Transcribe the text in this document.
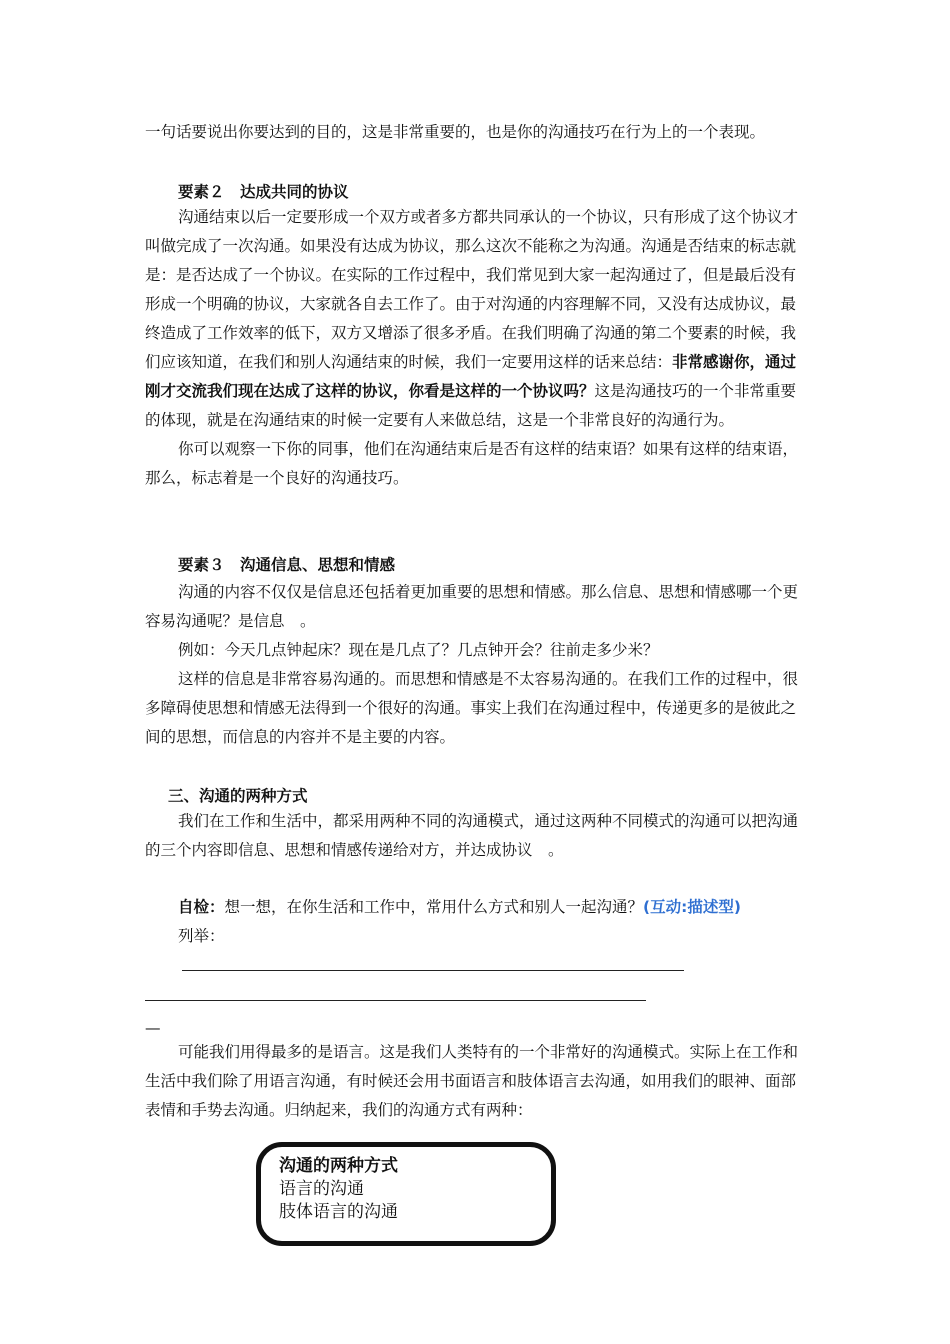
一句话要说出你要达到的目的，这是非常重要的，也是你的沟通技巧在行为上的一个表现。

要素２　达成共同的协议

沟通结束以后一定要形成一个双方或者多方都共同承认的一个协议，只有形成了这个协议才叫做完成了一次沟通。如果没有达成为协议，那么这次不能称之为沟通。沟通是否结束的标志就是：是否达成了一个协议。在实际的工作过程中，我们常见到大家一起沟通过了，但是最后没有形成一个明确的协议，大家就各自去工作了。由于对沟通的内容理解不同，又没有达成协议，最终造成了工作效率的低下，双方又增添了很多矛盾。在我们明确了沟通的第二个要素的时候，我们应该知道，在我们和别人沟通结束的时候，我们一定要用这样的话来总结：非常感谢你，通过刚才交流我们现在达成了这样的协议，你看是这样的一个协议吗？这是沟通技巧的一个非常重要的体现，就是在沟通结束的时候一定要有人来做总结，这是一个非常良好的沟通行为。

你可以观察一下你的同事，他们在沟通结束后是否有这样的结束语？如果有这样的结束语，那么，标志着是一个良好的沟通技巧。

要素３　沟通信息、思想和情感

沟通的内容不仅仅是信息还包括着更加重要的思想和情感。那么信息、思想和情感哪一个更容易沟通呢？是信息　。

例如：今天几点钟起床？现在是几点了？几点钟开会？往前走多少米？

这样的信息是非常容易沟通的。而思想和情感是不太容易沟通的。在我们工作的过程中，很多障碍使思想和情感无法得到一个很好的沟通。事实上我们在沟通过程中，传递更多的是彼此之间的思想，而信息的内容并不是主要的内容。

三、沟通的两种方式

我们在工作和生活中，都采用两种不同的沟通模式，通过这两种不同模式的沟通可以把沟通的三个内容即信息、思想和情感传递给对方，并达成协议　。

自检：想一想，在你生活和工作中，常用什么方式和别人一起沟通？(互动:描述型)

列举：

—

可能我们用得最多的是语言。这是我们人类特有的一个非常好的沟通模式。实际上在工作和生活中我们除了用语言沟通，有时候还会用书面语言和肢体语言去沟通，如用我们的眼神、面部表情和手势去沟通。归纳起来，我们的沟通方式有两种：

沟通的两种方式
语言的沟通
肢体语言的沟通
